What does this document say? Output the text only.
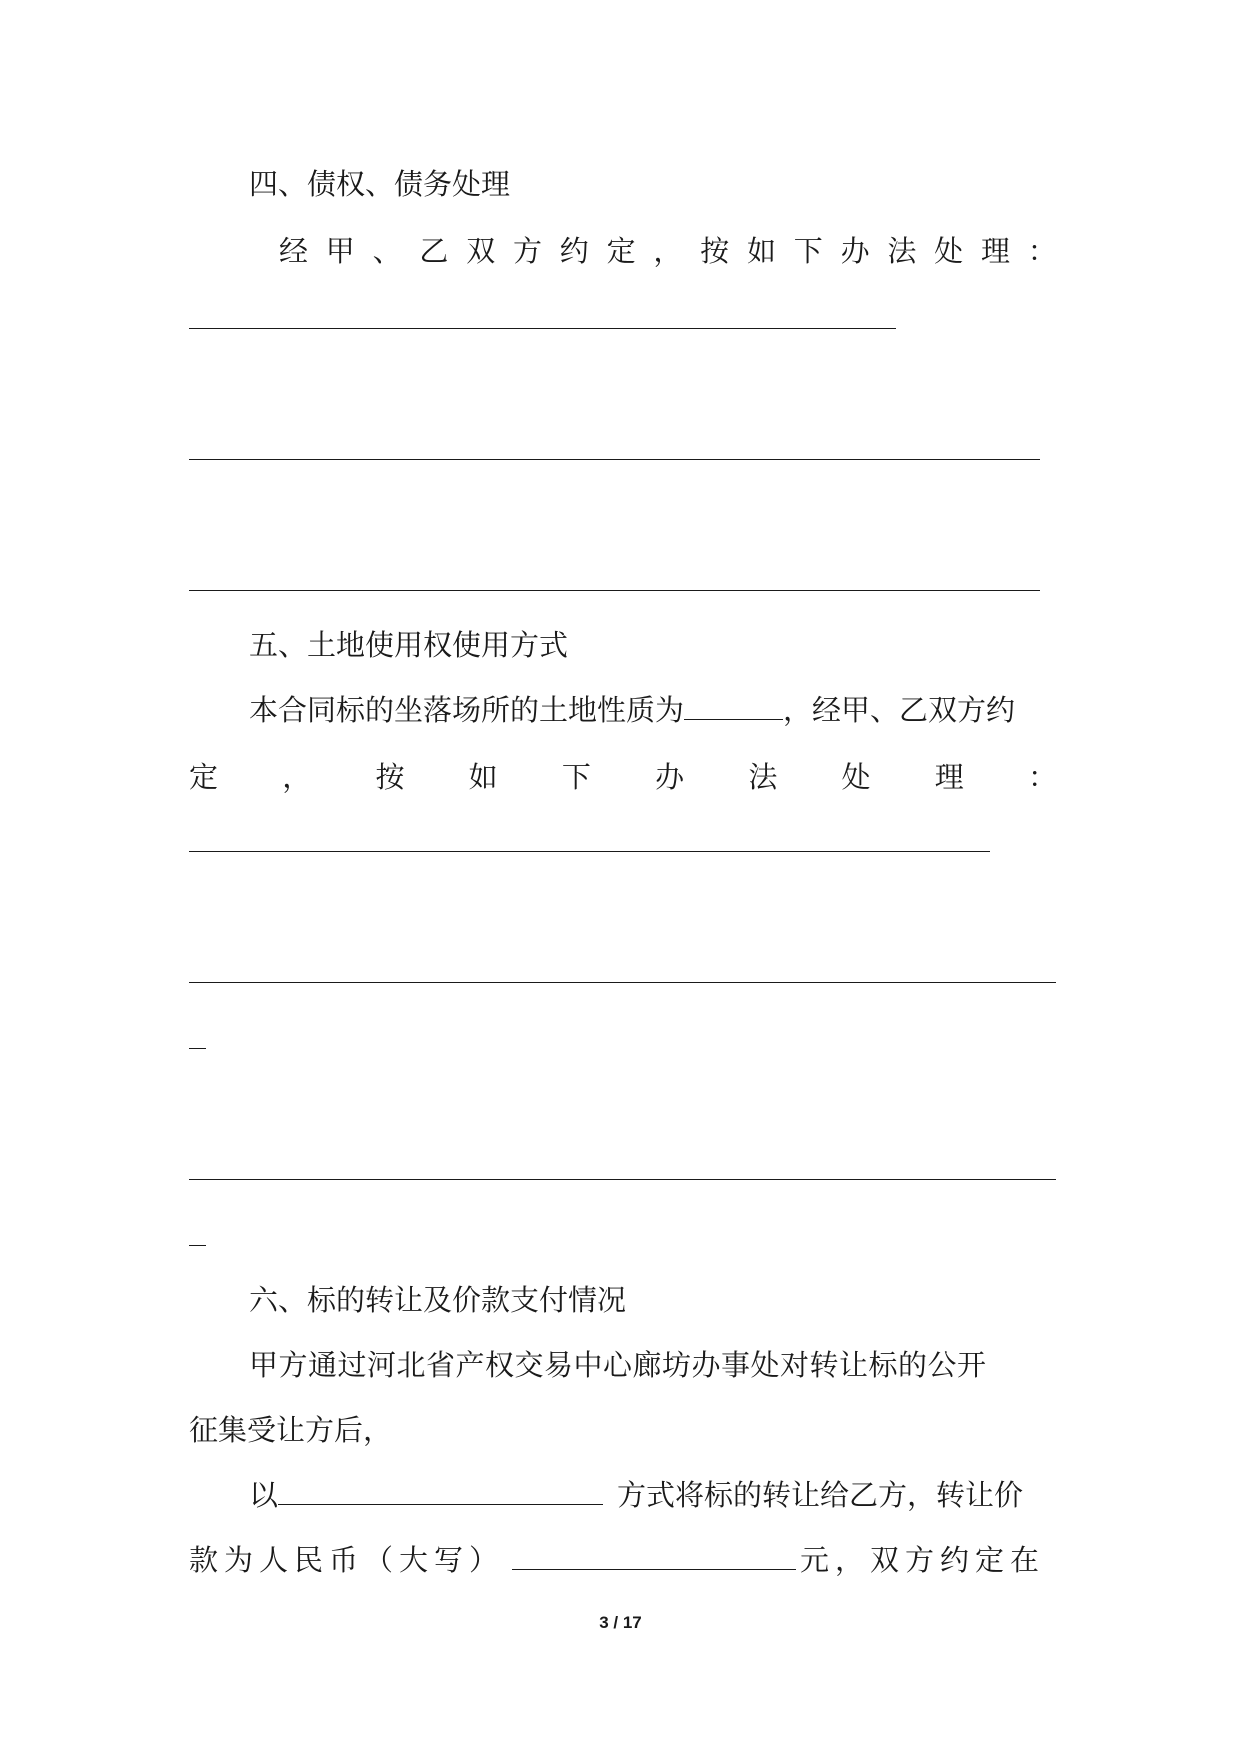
四、债权、债务处理

经 甲 、 乙 双 方 约 定 ， 按 如 下 办 法 处 理 ：

五、土地使用权使用方式

本合同标的坐落场所的土地性质为	，经甲、乙双方约

定 ， 按 如 下 办 法 处 理 ：

六、标的转让及价款支付情况

甲方通过河北省产权交易中心廊坊办事处对转让标的公开

征集受让方后，

以	方式将标的转让给乙方，转让价

款为人民币（大写）	元，双方约定在

3 / 17
